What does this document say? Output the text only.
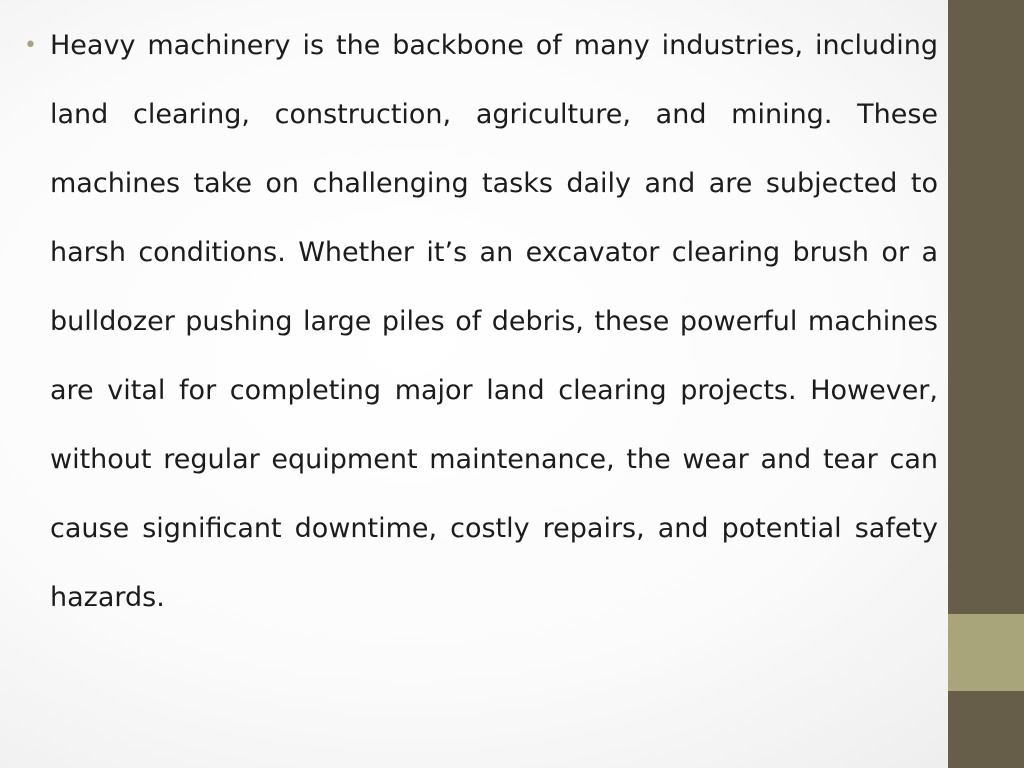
• Heavy machinery is the backbone of many industries, including land clearing, construction, agriculture, and mining. These machines take on challenging tasks daily and are subjected to harsh conditions. Whether it’s an excavator clearing brush or a bulldozer pushing large piles of debris, these powerful machines are vital for completing major land clearing projects. However, without regular equipment maintenance, the wear and tear can cause significant downtime, costly repairs, and potential safety hazards.
